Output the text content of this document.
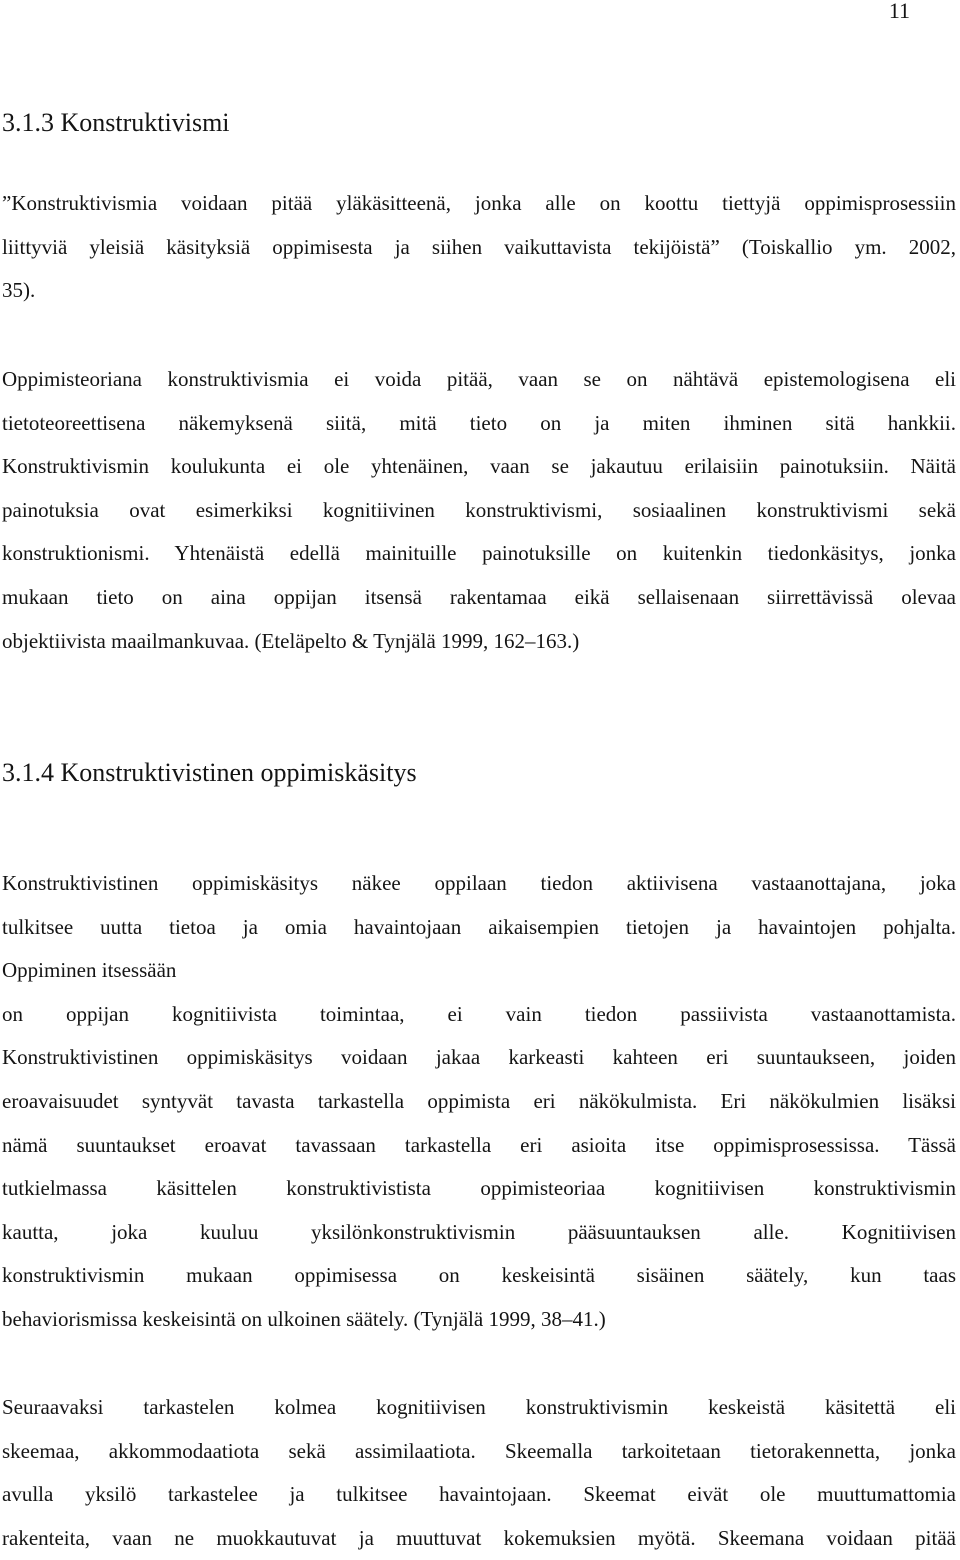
11
3.1.3 Konstruktivismi
”Konstruktivismia voidaan pitää yläkäsitteenä, jonka alle on koottu tiettyjä oppimisprosessiin
liittyviä yleisiä käsityksiä oppimisesta ja siihen vaikuttavista tekijöistä” (Toiskallio ym. 2002,
35).
Oppimisteoriana konstruktivismia ei voida pitää, vaan se on nähtävä epistemologisena eli
tietoteoreettisena näkemyksenä siitä, mitä tieto on ja miten ihminen sitä hankkii.
Konstruktivismin koulukunta ei ole yhtenäinen, vaan se jakautuu erilaisiin painotuksiin. Näitä
painotuksia ovat esimerkiksi kognitiivinen konstruktivismi, sosiaalinen konstruktivismi sekä
konstruktionismi. Yhtenäistä edellä mainituille painotuksille on kuitenkin tiedonkäsitys, jonka
mukaan tieto on aina oppijan itsensä rakentamaa eikä sellaisenaan siirrettävissä olevaa
objektiivista maailmankuvaa. (Eteläpelto & Tynjälä 1999, 162–163.)
3.1.4 Konstruktivistinen oppimiskäsitys
Konstruktivistinen oppimiskäsitys näkee oppilaan tiedon aktiivisena vastaanottajana, joka
tulkitsee uutta tietoa ja omia havaintojaan aikaisempien tietojen ja havaintojen pohjalta.
Oppiminen itsessään
on oppijan kognitiivista toimintaa, ei vain tiedon passiivista vastaanottamista.
Konstruktivistinen oppimiskäsitys voidaan jakaa karkeasti kahteen eri suuntaukseen, joiden
eroavaisuudet syntyvät tavasta tarkastella oppimista eri näkökulmista. Eri näkökulmien lisäksi
nämä suuntaukset eroavat tavassaan tarkastella eri asioita itse oppimisprosessissa. Tässä
tutkielmassa käsittelen konstruktivistista oppimisteoriaa kognitiivisen konstruktivismin
kautta, joka kuuluu yksilönkonstruktivismin pääsuuntauksen alle. Kognitiivisen
konstruktivismin mukaan oppimisessa on keskeisintä sisäinen säätely, kun taas
behaviorismissa keskeisintä on ulkoinen säätely. (Tynjälä 1999, 38–41.)
Seuraavaksi tarkastelen kolmea kognitiivisen konstruktivismin keskeistä käsitettä eli
skeemaa, akkommodaatiota sekä assimilaatiota. Skeemalla tarkoitetaan tietorakennetta, jonka
avulla yksilö tarkastelee ja tulkitsee havaintojaan. Skeemat eivät ole muuttumattomia
rakenteita, vaan ne muokkautuvat ja muuttuvat kokemuksien myötä. Skeemana voidaan pitää
